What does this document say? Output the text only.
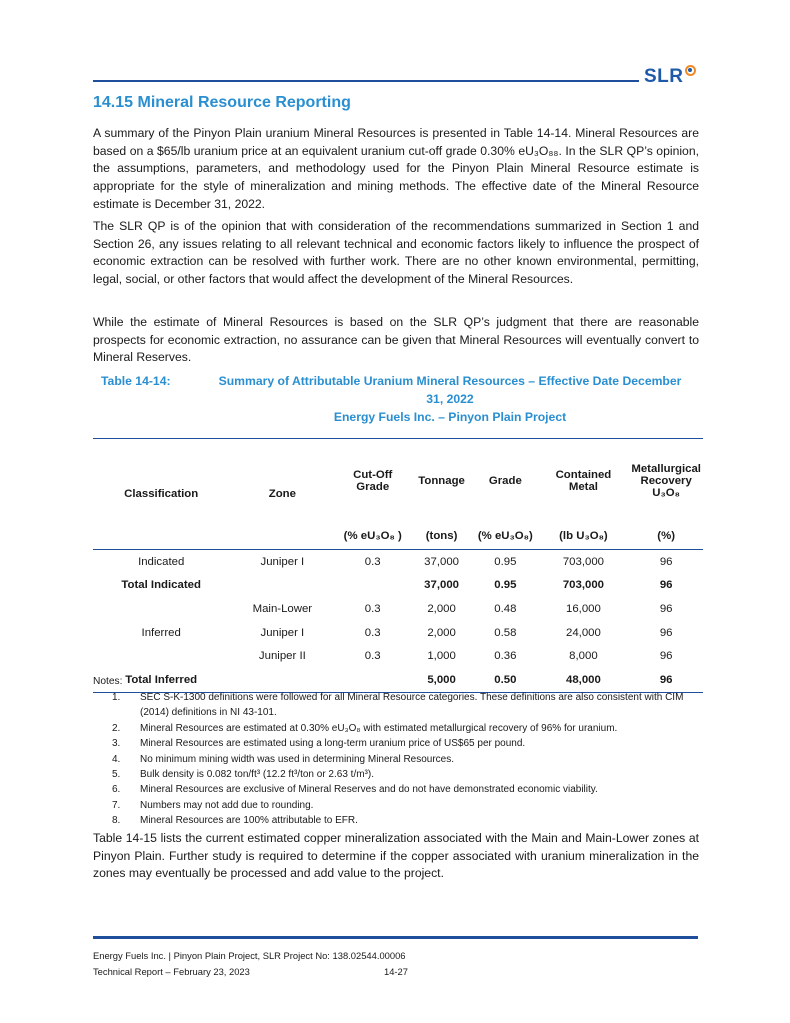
SLR
14.15 Mineral Resource Reporting

A summary of the Pinyon Plain uranium Mineral Resources is presented in Table 14-14. Mineral Resources are based on a $65/lb uranium price at an equivalent uranium cut-off grade 0.30% eU₃O₈₈. In the SLR QP’s opinion, the assumptions, parameters, and methodology used for the Pinyon Plain Mineral Resource estimate is appropriate for the style of mineralization and mining methods. The effective date of the Mineral Resource estimate is December 31, 2022.

The SLR QP is of the opinion that with consideration of the recommendations summarized in Section 1 and Section 26, any issues relating to all relevant technical and economic factors likely to influence the prospect of economic extraction can be resolved with further work. There are no other known environmental, permitting, legal, social, or other factors that would affect the development of the Mineral Resources.

While the estimate of Mineral Resources is based on the SLR QP’s judgment that there are reasonable prospects for economic extraction, no assurance can be given that Mineral Resources will eventually convert to Mineral Reserves.

Table 14-14:	Summary of Attributable Uranium Mineral Resources – Effective Date December
31, 2022
Energy Fuels Inc. – Pinyon Plain Project
Classification	Zone	Cut-Off Grade	Tonnage	Grade	Contained Metal	Metallurgical Recovery U₃O₈
		(% eU₃O₈ )	(tons)	(% eU₃O₈)	(lb U₃O₈)	(%)
Indicated	Juniper I	0.3	37,000	0.95	703,000	96
Total Indicated			37,000	0.95	703,000	96
	Main-Lower	0.3	2,000	0.48	16,000	96
Inferred	Juniper I	0.3	2,000	0.58	24,000	96
	Juniper II	0.3	1,000	0.36	8,000	96
Total Inferred			5,000	0.50	48,000	96
Notes:
1. SEC S-K-1300 definitions were followed for all Mineral Resource categories. These definitions are also consistent with CIM (2014) definitions in NI 43-101.
2. Mineral Resources are estimated at 0.30% eU₃O₈ with estimated metallurgical recovery of 96% for uranium.
3. Mineral Resources are estimated using a long-term uranium price of US$65 per pound.
4. No minimum mining width was used in determining Mineral Resources.
5. Bulk density is 0.082 ton/ft³ (12.2 ft³/ton or 2.63 t/m³).
6. Mineral Resources are exclusive of Mineral Reserves and do not have demonstrated economic viability.
7. Numbers may not add due to rounding.
8. Mineral Resources are 100% attributable to EFR.

Table 14-15 lists the current estimated copper mineralization associated with the Main and Main-Lower zones at Pinyon Plain. Further study is required to determine if the copper associated with uranium mineralization in the zones may eventually be processed and add value to the project.

Energy Fuels Inc. | Pinyon Plain Project, SLR Project No: 138.02544.00006
Technical Report – February 23, 2023	14-27
